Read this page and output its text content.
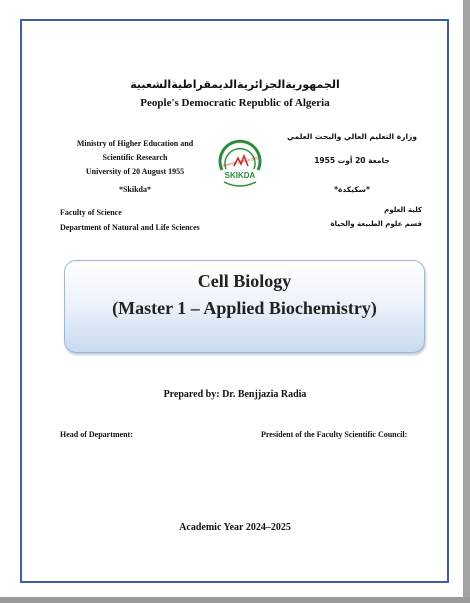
الجمهوريةالجزائريةالديمقراطيةالشعبية
People's Democratic Republic of Algeria
Ministry of Higher Education and
Scientific Research
University of 20 August 1955
وزارة التعليم العالي والبحث العلمي
جامعة 20 أوت 1955
*Skikda*	*سكيكدة*
Université 20 Août 1955
SKIKDA
Faculty of Science
Department of Natural and Life Sciences
كلية العلوم
قسم علوم الطبيعة والحياة
Cell Biology
(Master 1 – Applied Biochemistry)
Prepared by: Dr. Benjjazia Radia
Head of Department:	President of the Faculty Scientific Council:
Academic Year 2024–2025
